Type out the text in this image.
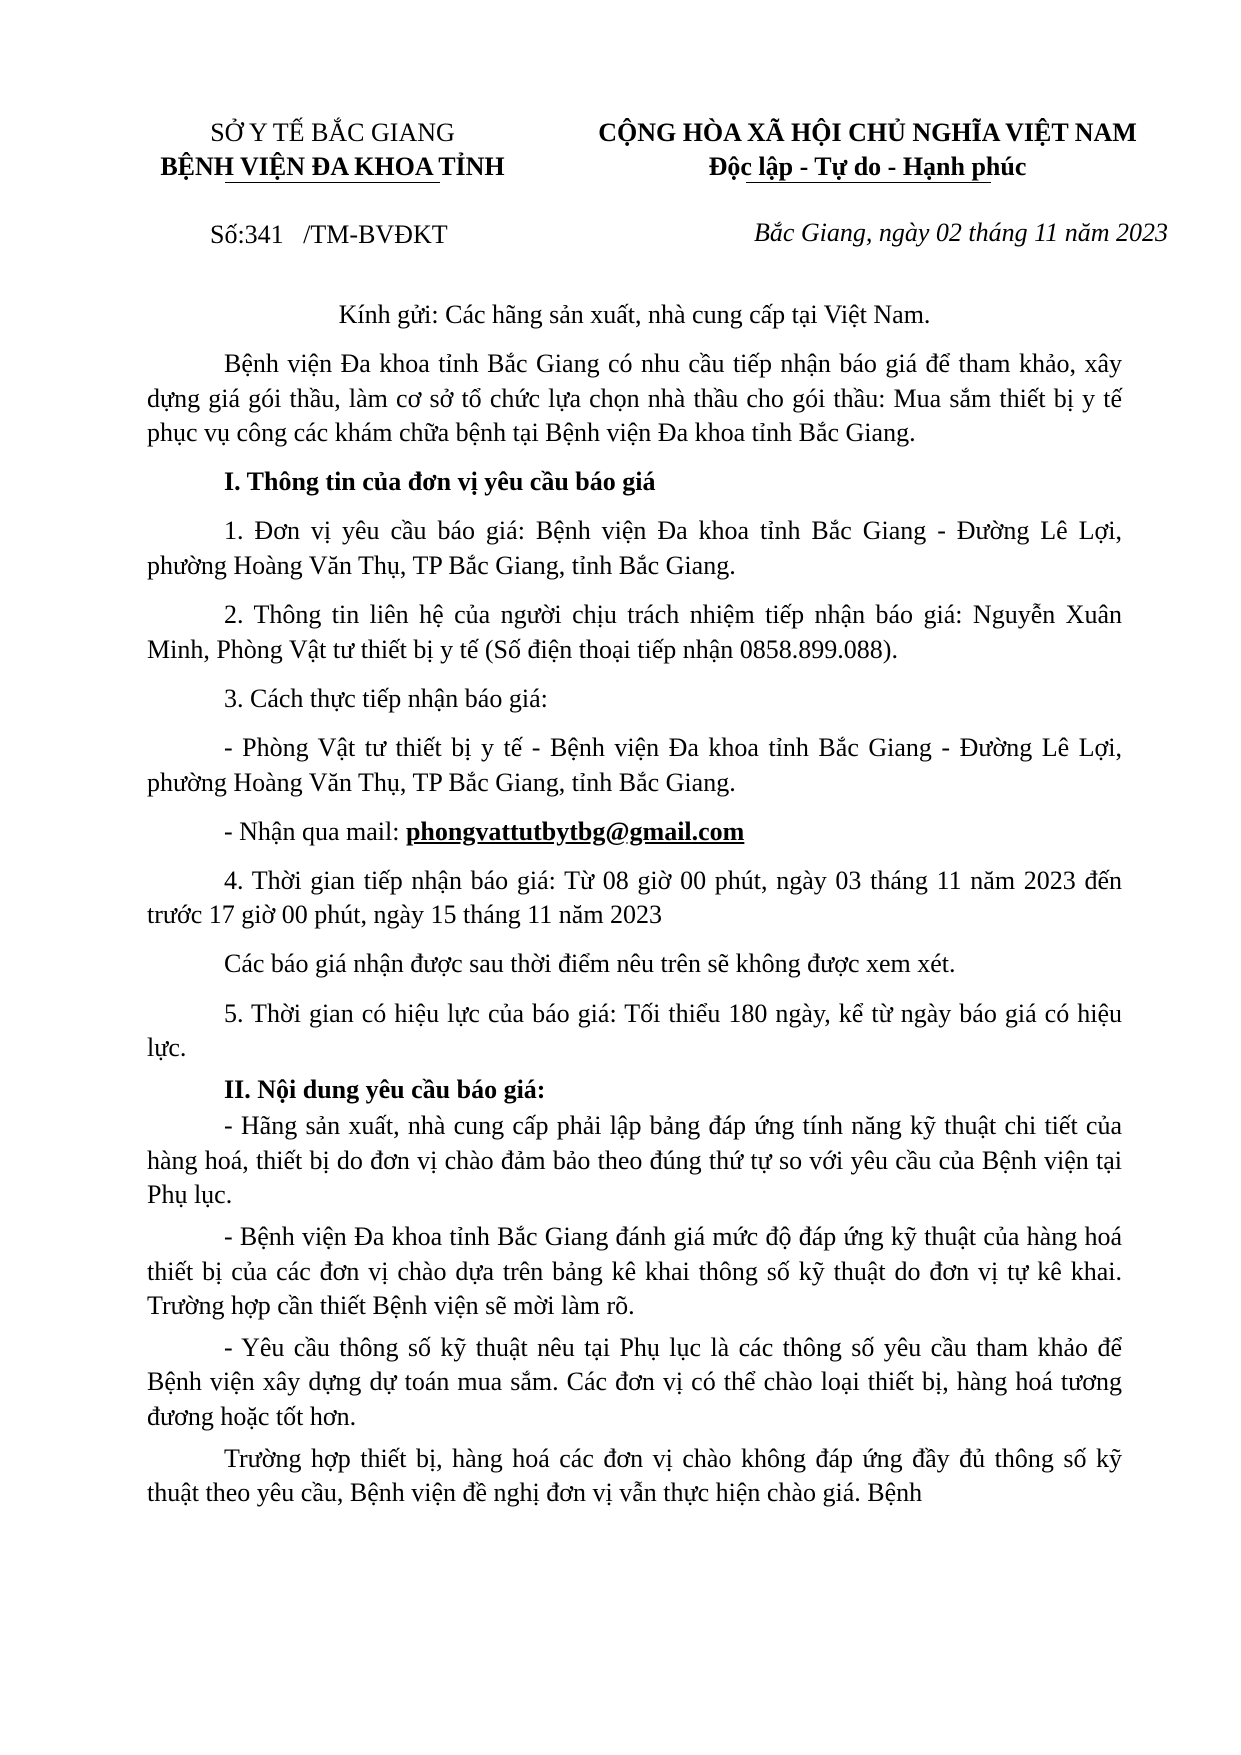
SỞ Y TẾ BẮC GIANG
BỆNH VIỆN ĐA KHOA TỈNH
CỘNG HÒA XÃ HỘI CHỦ NGHĨA VIỆT NAM
Độc lập - Tự do - Hạnh phúc
Số:341   /TM-BVĐKT	Bắc Giang, ngày 02 tháng 11 năm 2023

Kính gửi: Các hãng sản xuất, nhà cung cấp tại Việt Nam.

Bệnh viện Đa khoa tỉnh Bắc Giang có nhu cầu tiếp nhận báo giá để tham khảo, xây dựng giá gói thầu, làm cơ sở tổ chức lựa chọn nhà thầu cho gói thầu: Mua sắm thiết bị y tế phục vụ công các khám chữa bệnh tại Bệnh viện Đa khoa tỉnh Bắc Giang.

I. Thông tin của đơn vị yêu cầu báo giá

1. Đơn vị yêu cầu báo giá: Bệnh viện Đa khoa tỉnh Bắc Giang - Đường Lê Lợi, phường Hoàng Văn Thụ, TP Bắc Giang, tỉnh Bắc Giang.

2. Thông tin liên hệ của người chịu trách nhiệm tiếp nhận báo giá: Nguyễn Xuân Minh, Phòng Vật tư thiết bị y tế (Số điện thoại tiếp nhận 0858.899.088).

3. Cách thực tiếp nhận báo giá:

- Phòng Vật tư thiết bị y tế - Bệnh viện Đa khoa tỉnh Bắc Giang - Đường Lê Lợi, phường Hoàng Văn Thụ, TP Bắc Giang, tỉnh Bắc Giang.

- Nhận qua mail: phongvattutbytbg@gmail.com

4. Thời gian tiếp nhận báo giá: Từ 08 giờ 00 phút, ngày 03 tháng 11 năm 2023 đến trước 17 giờ 00 phút, ngày 15 tháng 11 năm 2023

Các báo giá nhận được sau thời điểm nêu trên sẽ không được xem xét.

5. Thời gian có hiệu lực của báo giá: Tối thiểu 180 ngày, kể từ ngày báo giá có hiệu lực.

II. Nội dung yêu cầu báo giá:

- Hãng sản xuất, nhà cung cấp phải lập bảng đáp ứng tính năng kỹ thuật chi tiết của hàng hoá, thiết bị do đơn vị chào đảm bảo theo đúng thứ tự so với yêu cầu của Bệnh viện tại Phụ lục.

- Bệnh viện Đa khoa tỉnh Bắc Giang đánh giá mức độ đáp ứng kỹ thuật của hàng hoá thiết bị của các đơn vị chào dựa trên bảng kê khai thông số kỹ thuật do đơn vị tự kê khai. Trường hợp cần thiết Bệnh viện sẽ mời làm rõ.

- Yêu cầu thông số kỹ thuật nêu tại Phụ lục là các thông số yêu cầu tham khảo để Bệnh viện xây dựng dự toán mua sắm. Các đơn vị có thể chào loại thiết bị, hàng hoá tương đương hoặc tốt hơn.

Trường hợp thiết bị, hàng hoá các đơn vị chào không đáp ứng đầy đủ thông số kỹ thuật theo yêu cầu, Bệnh viện đề nghị đơn vị vẫn thực hiện chào giá. Bệnh
